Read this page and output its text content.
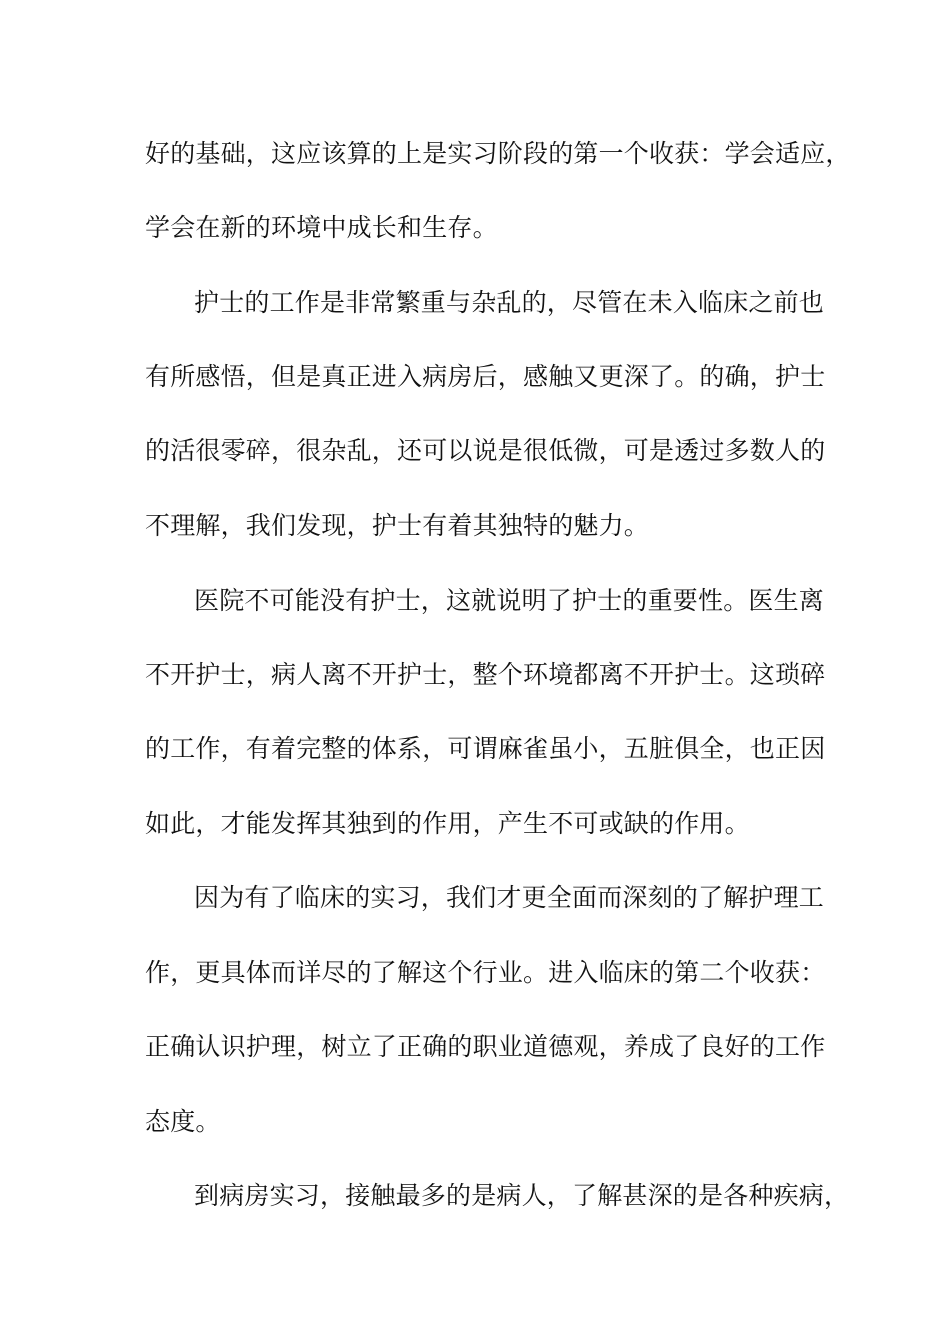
好的基础，这应该算的上是实习阶段的第一个收获：学会适应，
学会在新的环境中成长和生存。
护士的工作是非常繁重与杂乱的，尽管在未入临床之前也
有所感悟，但是真正进入病房后，感触又更深了。的确，护士
的活很零碎，很杂乱，还可以说是很低微，可是透过多数人的
不理解，我们发现，护士有着其独特的魅力。
医院不可能没有护士，这就说明了护士的重要性。医生离
不开护士，病人离不开护士，整个环境都离不开护士。这琐碎
的工作，有着完整的体系，可谓麻雀虽小，五脏俱全，也正因
如此，才能发挥其独到的作用，产生不可或缺的作用。
因为有了临床的实习，我们才更全面而深刻的了解护理工
作，更具体而详尽的了解这个行业。进入临床的第二个收获：
正确认识护理，树立了正确的职业道德观，养成了良好的工作
态度。
到病房实习，接触最多的是病人，了解甚深的是各种疾病，
